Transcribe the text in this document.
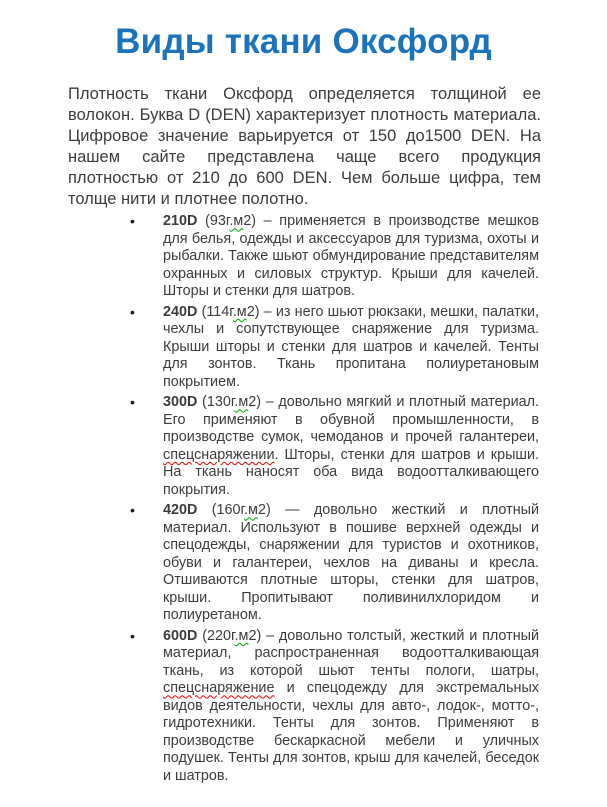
Виды ткани Оксфорд

Плотность ткани Оксфорд определяется толщиной ее волокон. Буква D (DEN) характеризует плотность материала. Цифровое значение варьируется от 150 до1500 DEN. На нашем сайте представлена чаще всего продукция плотностью от 210 до 600 DEN. Чем больше цифра, тем толще нити и плотнее полотно.

• 210D (93г.м2) – применяется в производстве мешков для белья, одежды и аксессуаров для туризма, охоты и рыбалки. Также шьют обмундирование представителям охранных и силовых структур. Крыши для качелей. Шторы и стенки для шатров.
• 240D (114г.м2) – из него шьют рюкзаки, мешки, палатки, чехлы и сопутствующее снаряжение для туризма. Крыши шторы и стенки для шатров и качелей. Тенты для зонтов. Ткань пропитана полиуретановым покрытием.
• 300D (130г.м2) – довольно мягкий и плотный материал. Его применяют в обувной промышленности, в производстве сумок, чемоданов и прочей галантереи, спецснаряжении. Шторы, стенки для шатров и крыши. На ткань наносят оба вида водоотталкивающего покрытия.
• 420D (160г.м2) — довольно жесткий и плотный материал. Используют в пошиве верхней одежды и спецодежды, снаряжении для туристов и охотников, обуви и галантереи, чехлов на диваны и кресла. Отшиваются плотные шторы, стенки для шатров, крыши. Пропитывают поливинилхлоридом и полиуретаном.
• 600D (220г.м2) – довольно толстый, жесткий и плотный материал, распространенная водоотталкивающая ткань, из которой шьют тенты пологи, шатры, спецснаряжение и спецодежду для экстремальных видов деятельности, чехлы для авто-, лодок-, мотто-, гидротехники. Тенты для зонтов. Применяют в производстве бескаркасной мебели и уличных подушек. Тенты для зонтов, крыш для качелей, беседок и шатров.
